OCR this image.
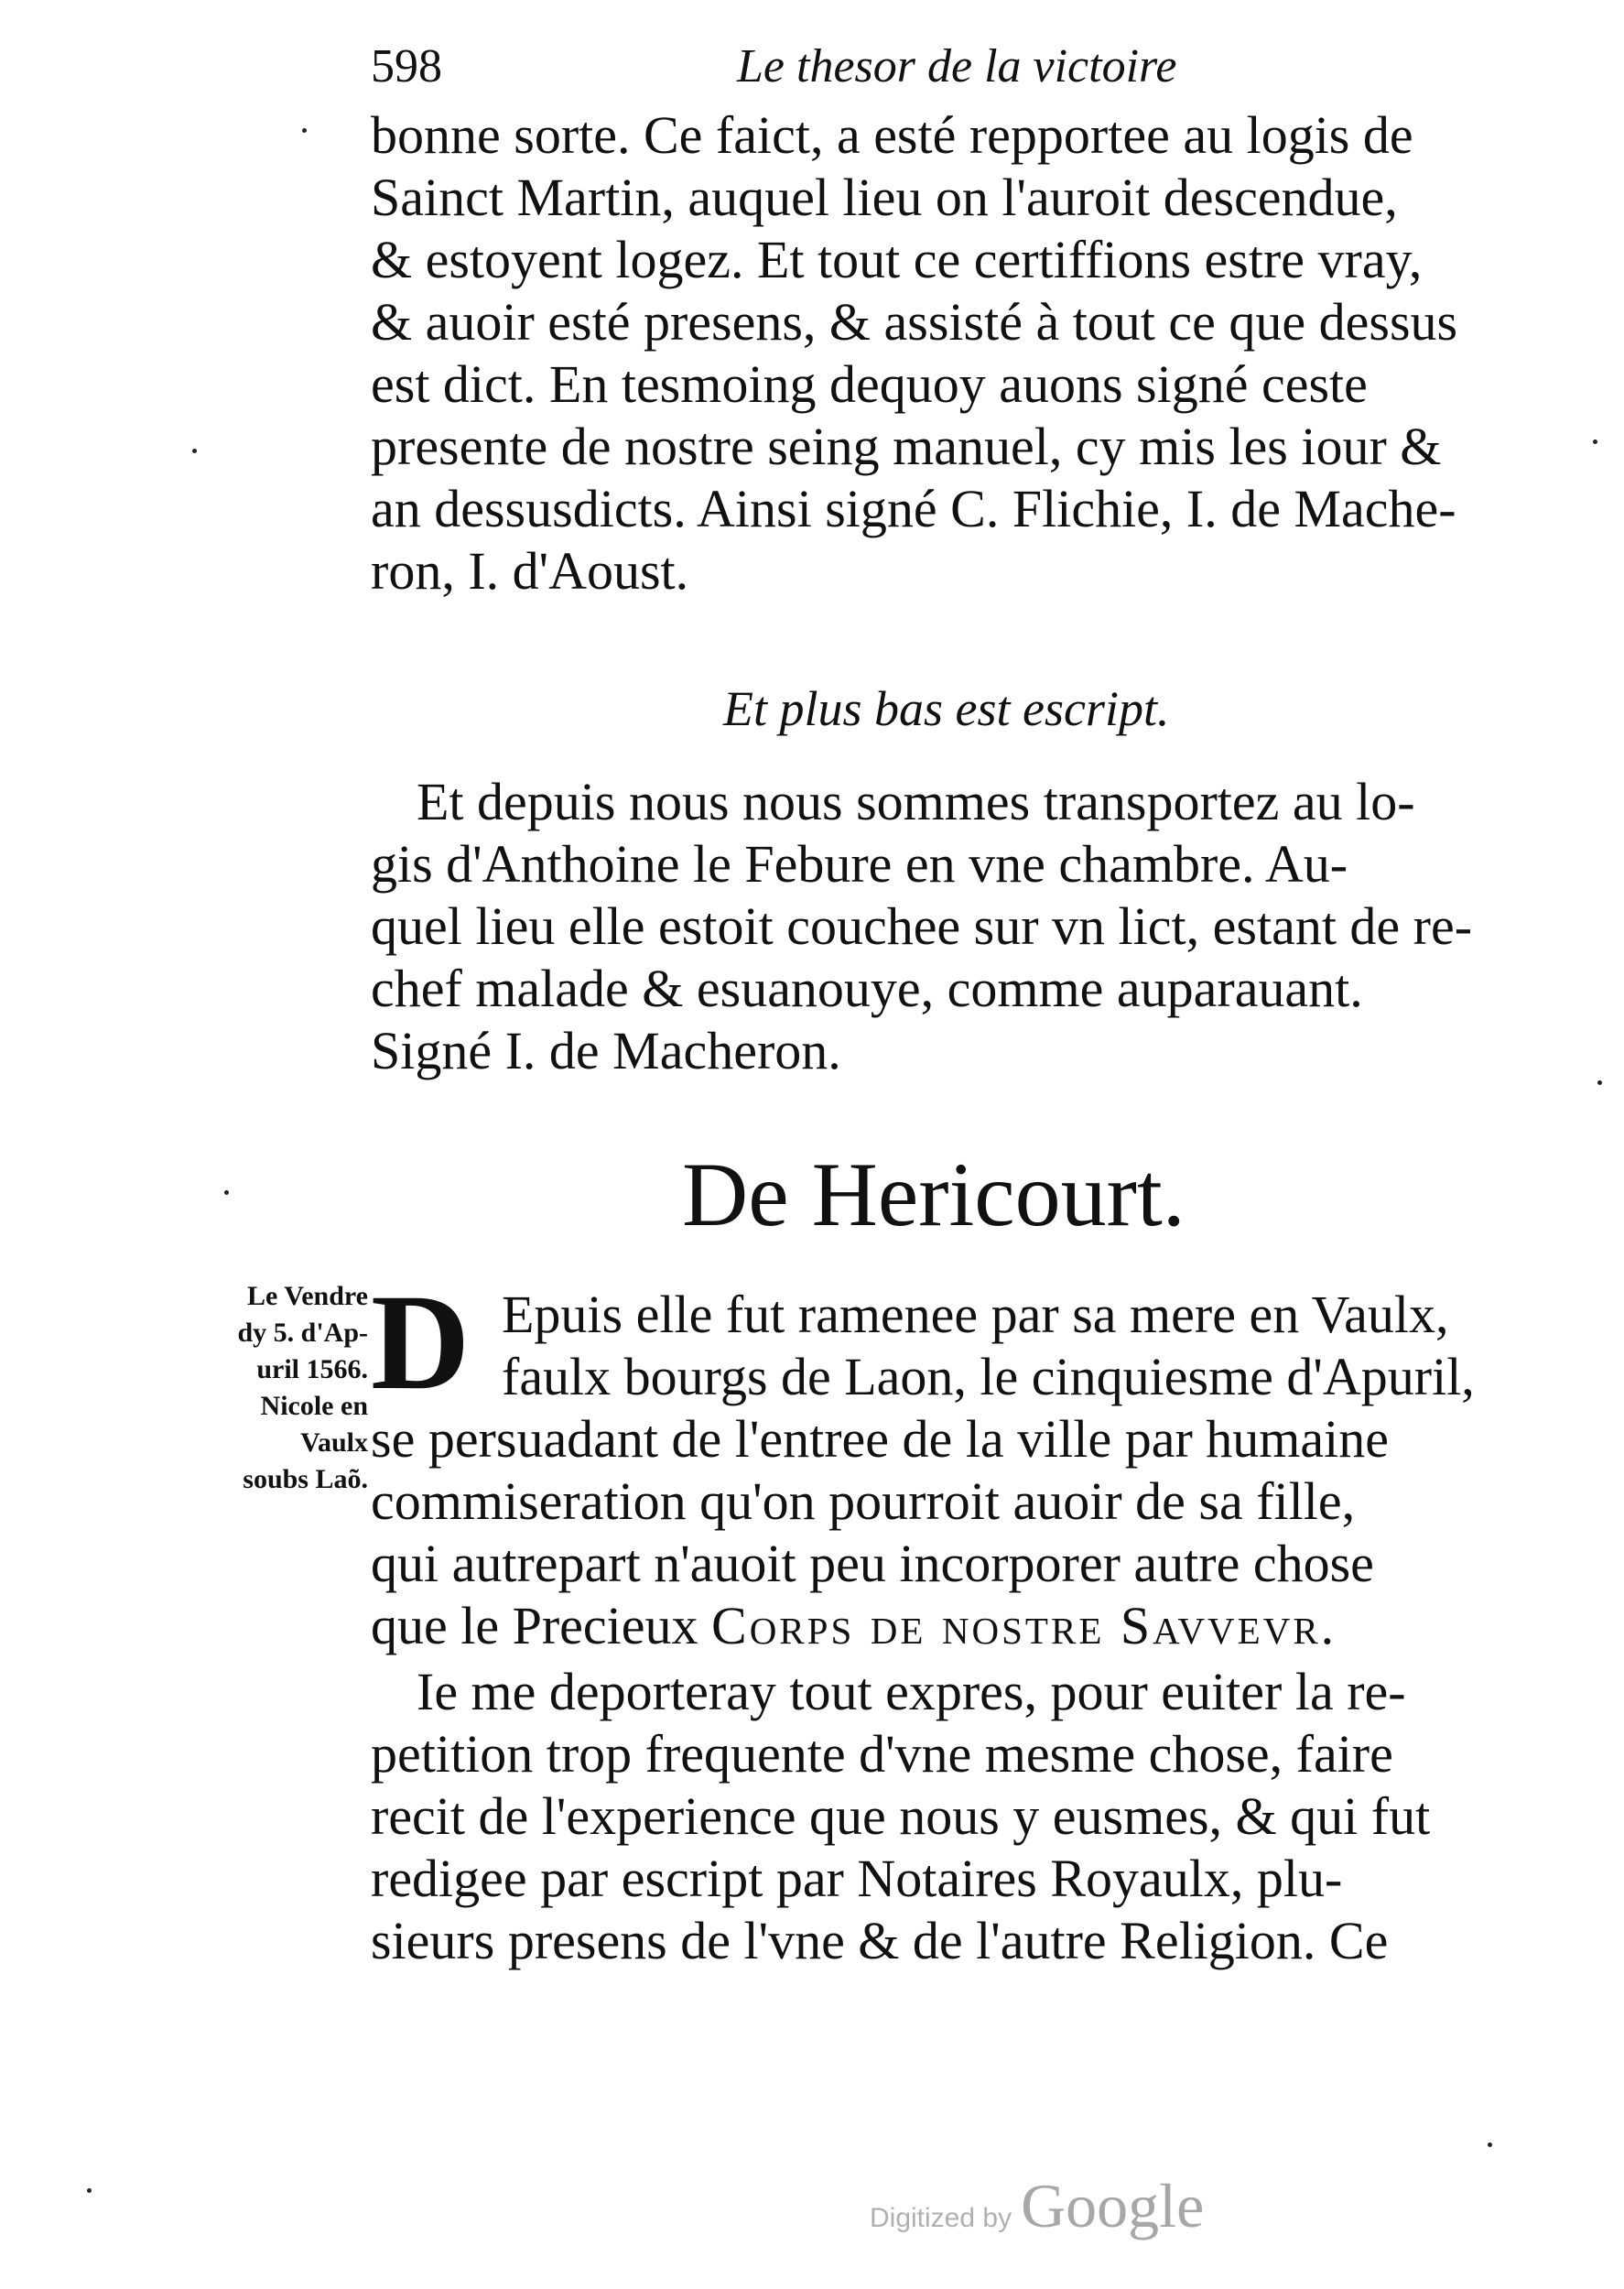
598	Le thesor de la victoire
bonne sorte. Ce faict, a esté repportee au logis de
Sainct Martin, auquel lieu on l'auroit descendue,
& estoyent logez. Et tout ce certiffions estre vray,
& auoir esté presens, & assisté à tout ce que dessus
est dict. En tesmoing dequoy auons signé ceste
presente de nostre seing manuel, cy mis les iour &
an dessusdicts. Ainsi signé C. Flichie, I. de Mache-
ron, I. d'Aoust.
Et plus bas est escript.
Et depuis nous nous sommes transportez au lo-
gis d'Anthoine le Febure en vne chambre. Au-
quel lieu elle estoit couchee sur vn lict, estant de re-
chef malade & esuanouye, comme auparauant.
Signé I. de Macheron.
De Hericourt.
Le Vendre
dy 5. d'Ap-
uril 1566.
Nicole en
Vaulx
soubs Laõ.
D Epuis elle fut ramenee par sa mere en Vaulx,
faulx bourgs de Laon, le cinquiesme d'Apuril,
se persuadant de l'entree de la ville par humaine
commiseration qu'on pourroit auoir de sa fille,
qui autrepart n'auoit peu incorporer autre chose
que le Precieux Corps de nostre Savvevr.
Ie me deporteray tout expres, pour euiter la re-
petition trop frequente d'vne mesme chose, faire
recit de l'experience que nous y eusmes, & qui fut
redigee par escript par Notaires Royaulx, plu-
sieurs presens de l'vne & de l'autre Religion. Ce
Digitized by Google
